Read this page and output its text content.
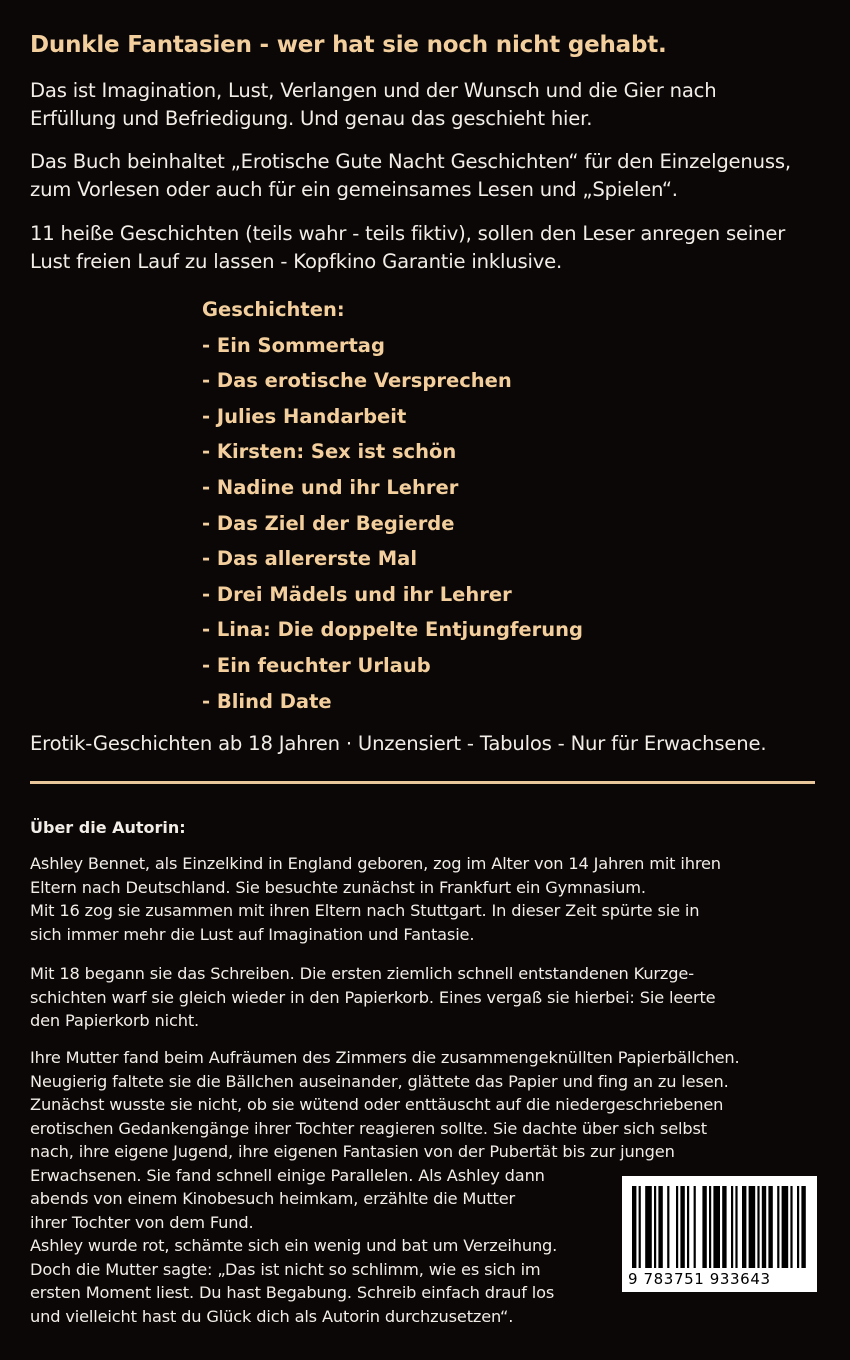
Dunkle Fantasien - wer hat sie noch nicht gehabt.

Das ist Imagination, Lust, Verlangen und der Wunsch und die Gier nach
Erfüllung und Befriedigung. Und genau das geschieht hier.

Das Buch beinhaltet „Erotische Gute Nacht Geschichten“ für den Einzelgenuss,
zum Vorlesen oder auch für ein gemeinsames Lesen und „Spielen“.

11 heiße Geschichten (teils wahr - teils fiktiv), sollen den Leser anregen seiner
Lust freien Lauf zu lassen - Kopfkino Garantie inklusive.

Geschichten:
- Ein Sommertag
- Das erotische Versprechen
- Julies Handarbeit
- Kirsten: Sex ist schön
- Nadine und ihr Lehrer
- Das Ziel der Begierde
- Das allererste Mal
- Drei Mädels und ihr Lehrer
- Lina: Die doppelte Entjungferung
- Ein feuchter Urlaub
- Blind Date

Erotik-Geschichten ab 18 Jahren · Unzensiert - Tabulos - Nur für Erwachsene.

Über die Autorin:
Ashley Bennet, als Einzelkind in England geboren, zog im Alter von 14 Jahren mit ihren
Eltern nach Deutschland. Sie besuchte zunächst in Frankfurt ein Gymnasium.
Mit 16 zog sie zusammen mit ihren Eltern nach Stuttgart. In dieser Zeit spürte sie in
sich immer mehr die Lust auf Imagination und Fantasie.
Mit 18 begann sie das Schreiben. Die ersten ziemlich schnell entstandenen Kurzge-
schichten warf sie gleich wieder in den Papierkorb. Eines vergaß sie hierbei: Sie leerte
den Papierkorb nicht.
Ihre Mutter fand beim Aufräumen des Zimmers die zusammengeknüllten Papierbällchen.
Neugierig faltete sie die Bällchen auseinander, glättete das Papier und fing an zu lesen.
Zunächst wusste sie nicht, ob sie wütend oder enttäuscht auf die niedergeschriebenen
erotischen Gedankengänge ihrer Tochter reagieren sollte. Sie dachte über sich selbst
nach, ihre eigene Jugend, ihre eigenen Fantasien von der Pubertät bis zur jungen
Erwachsenen. Sie fand schnell einige Parallelen. Als Ashley dann
abends von einem Kinobesuch heimkam, erzählte die Mutter
ihrer Tochter von dem Fund.
Ashley wurde rot, schämte sich ein wenig und bat um Verzeihung.
Doch die Mutter sagte: „Das ist nicht so schlimm, wie es sich im
ersten Moment liest. Du hast Begabung. Schreib einfach drauf los
und vielleicht hast du Glück dich als Autorin durchzusetzen“.
9 783751 933643
